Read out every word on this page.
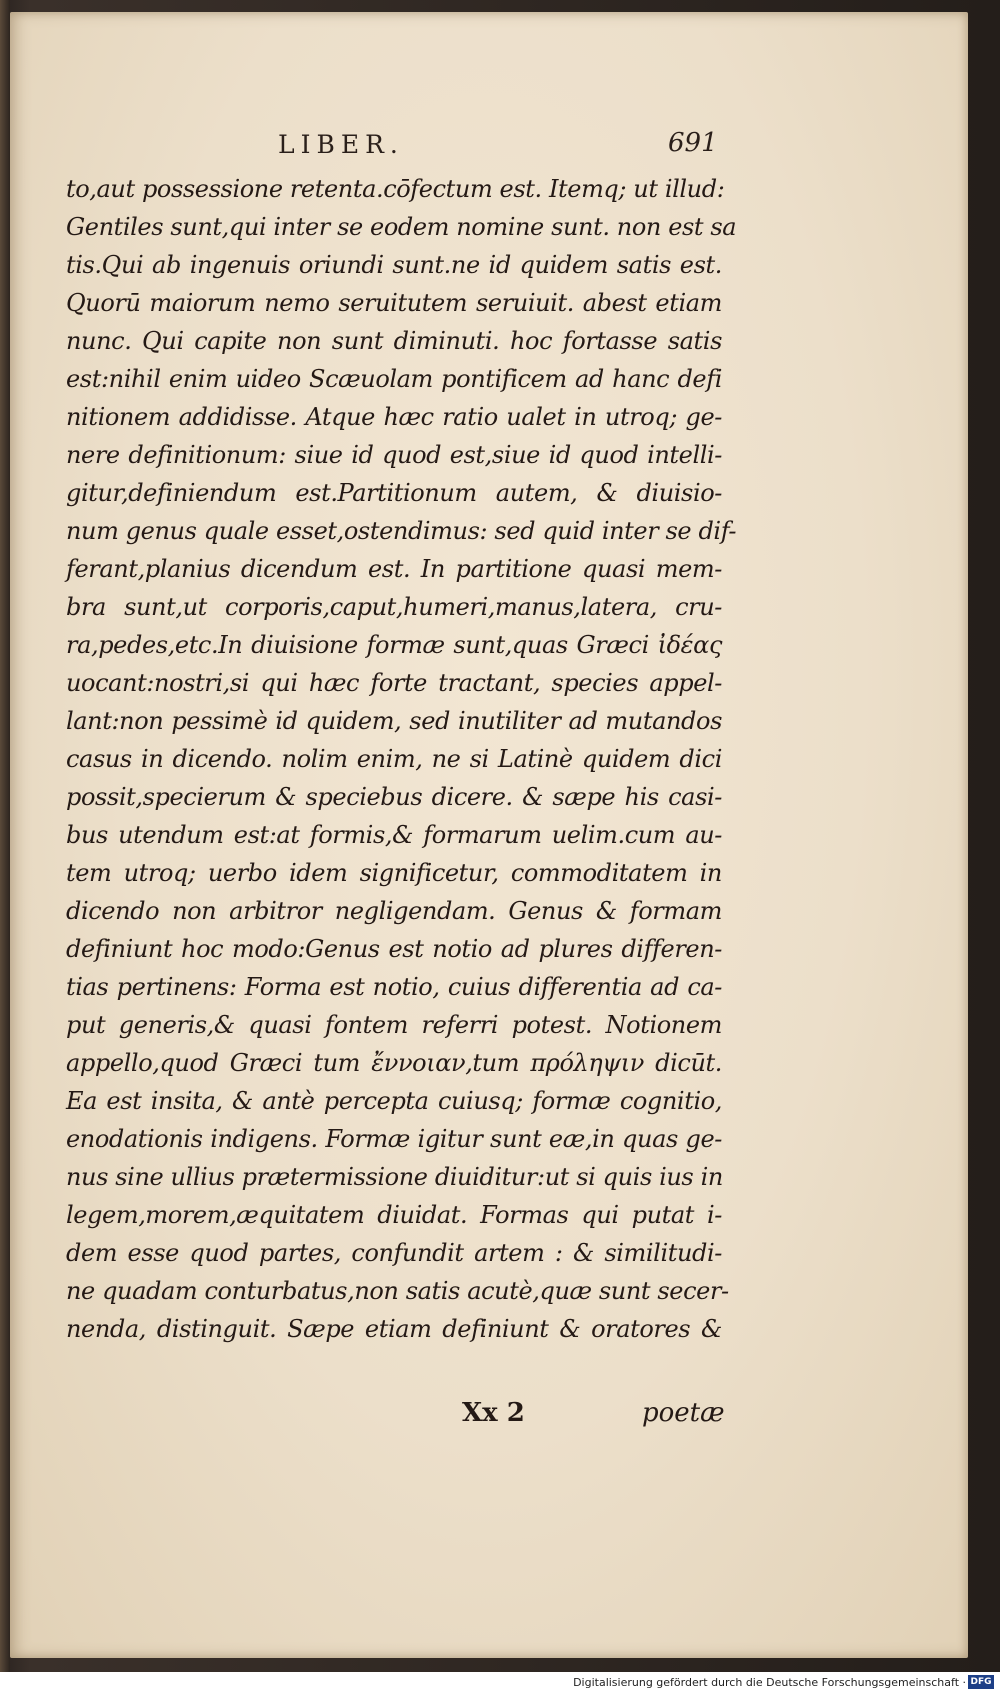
LIBER.	691
to,aut possessione retenta.cōfectum est. Itemq; ut illud:
Gentiles sunt,qui inter se eodem nomine sunt. non est sa
tis.Qui ab ingenuis oriundi sunt.ne id quidem satis est.
Quorū maiorum nemo seruitutem seruiuit. abest etiam
nunc. Qui capite non sunt diminuti. hoc fortasse satis
est:nihil enim uideo Scæuolam pontificem ad hanc defi
nitionem addidisse. Atque hæc ratio ualet in utroq; ge-
nere definitionum: siue id quod est,siue id quod intelli-
gitur,definiendum est.Partitionum autem, & diuisio-
num genus quale esset,ostendimus: sed quid inter se dif-
ferant,planius dicendum est. In partitione quasi mem-
bra sunt,ut corporis,caput,humeri,manus,latera, cru-
ra,pedes,etc.In diuisione formæ sunt,quas Græci ἰδέας
uocant:nostri,si qui hæc forte tractant, species appel-
lant:non pessimè id quidem, sed inutiliter ad mutandos
casus in dicendo. nolim enim, ne si Latinè quidem dici
possit,specierum & speciebus dicere. & sæpe his casi-
bus utendum est:at formis,& formarum uelim.cum au-
tem utroq; uerbo idem significetur, commoditatem in
dicendo non arbitror negligendam. Genus & formam
definiunt hoc modo:Genus est notio ad plures differen-
tias pertinens: Forma est notio, cuius differentia ad ca-
put generis,& quasi fontem referri potest. Notionem
appello,quod Græci tum ἔννοιαν,tum πρόληψιν dicūt.
Ea est insita, & antè percepta cuiusq; formæ cognitio,
enodationis indigens. Formæ igitur sunt eæ,in quas ge-
nus sine ullius prætermissione diuiditur:ut si quis ius in
legem,morem,æquitatem diuidat. Formas qui putat i-
dem esse quod partes, confundit artem : & similitudi-
ne quadam conturbatus,non satis acutè,quæ sunt secer-
nenda, distinguit. Sæpe etiam definiunt & oratores &
Xx 2	poetæ
Digitalisierung gefördert durch die Deutsche Forschungsgemeinschaft · DFG
